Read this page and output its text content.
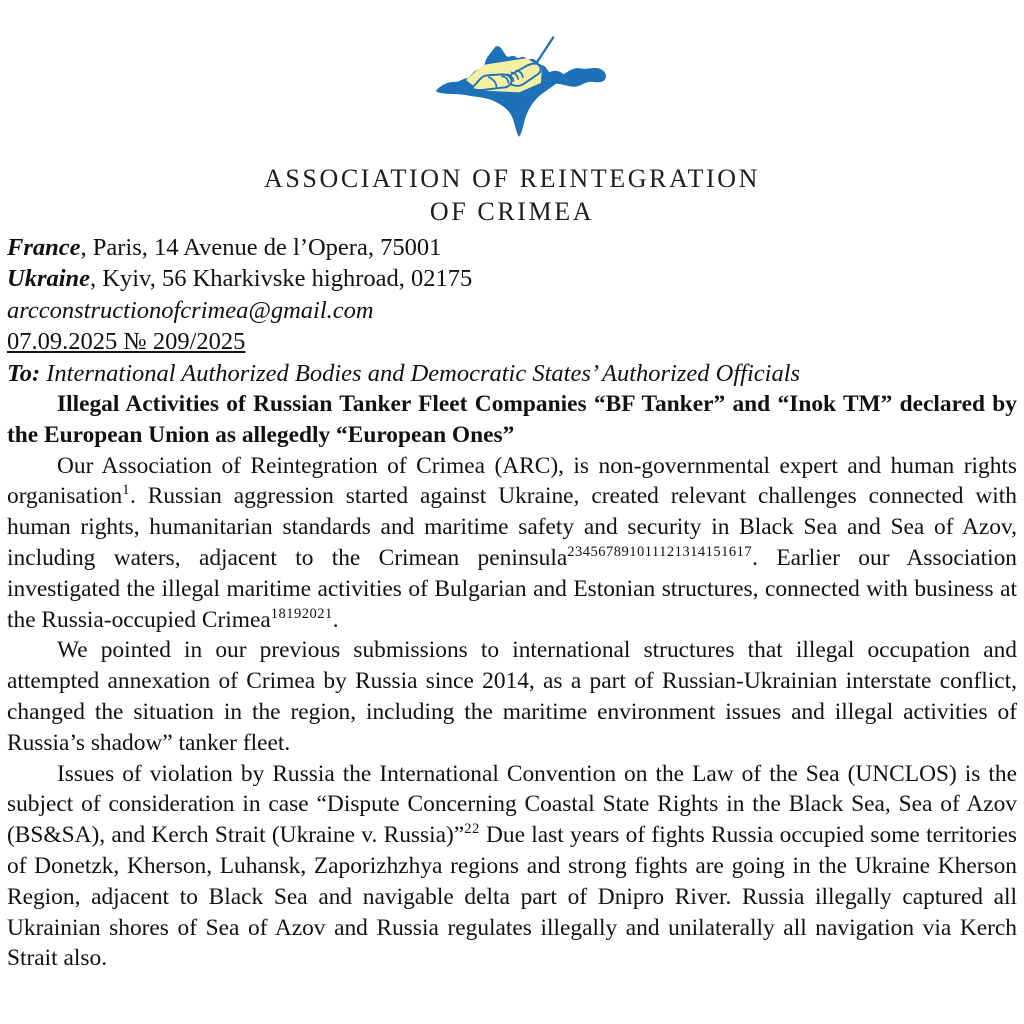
ASSOCIATION OF REINTEGRATION
OF CRIMEA

France, Paris, 14 Avenue de l’Opera, 75001

Ukraine, Kyiv, 56 Kharkivske highroad, 02175

arcconstructionofcrimea@gmail.com

07.09.2025 № 209/2025

To: International Authorized Bodies and Democratic States’ Authorized Officials

Illegal Activities of Russian Tanker Fleet Companies “BF Tanker” and “Inok TM” declared by the European Union as allegedly “European Ones”

Our Association of Reintegration of Crimea (ARC), is non-governmental expert and human rights organisation$^1$. Russian aggression started against Ukraine, created relevant challenges connected with human rights, humanitarian standards and maritime safety and security in Black Sea and Sea of Azov, including waters, adjacent to the Crimean peninsula$^{234567891011121314151617}$. Earlier our Association investigated the illegal maritime activities of Bulgarian and Estonian structures, connected with business at the Russia-occupied Crimea$^{18192021}$.

We pointed in our previous submissions to international structures that illegal occupation and attempted annexation of Crimea by Russia since 2014, as a part of Russian-Ukrainian interstate conflict, changed the situation in the region, including the maritime environment issues and illegal activities of Russia’s shadow” tanker fleet.

Issues of violation by Russia the International Convention on the Law of the Sea (UNCLOS) is the subject of consideration in case “Dispute Concerning Coastal State Rights in the Black Sea, Sea of Azov (BS&SA), and Kerch Strait (Ukraine v. Russia)”$^{22}$ Due last years of fights Russia occupied some territories of Donetzk, Kherson, Luhansk, Zaporizhzhya regions and strong fights are going in the Ukraine Kherson Region, adjacent to Black Sea and navigable delta part of Dnipro River. Russia illegally captured all Ukrainian shores of Sea of Azov and Russia regulates illegally and unilaterally all navigation via Kerch Strait also.
